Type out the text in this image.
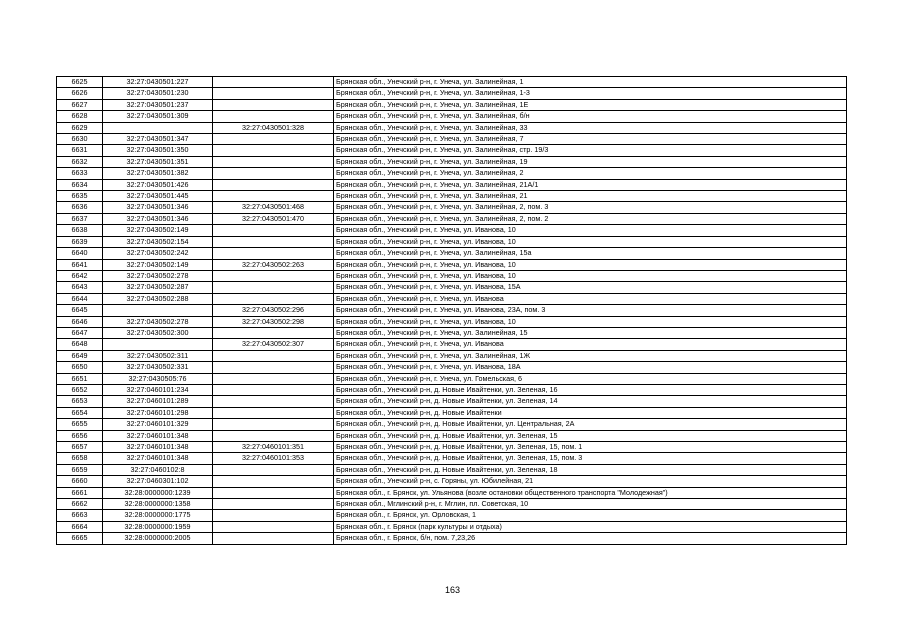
6625	32:27:0430501:227		Брянская обл., Унечский р-н, г. Унеча, ул. Залинейная, 1
6626	32:27:0430501:230		Брянская обл., Унечский р-н, г. Унеча, ул. Залинейная, 1-3
6627	32:27:0430501:237		Брянская обл., Унечский р-н, г. Унеча, ул. Залинейная, 1Е
6628	32:27:0430501:309		Брянская обл., Унечский р-н, г. Унеча, ул. Залинейная, б/н
6629		32:27:0430501:328	Брянская обл., Унечский р-н, г. Унеча, ул. Залинейная, 33
6630	32:27:0430501:347		Брянская обл., Унечский р-н, г. Унеча, ул. Залинейная, 7
6631	32:27:0430501:350		Брянская обл., Унечский р-н, г. Унеча, ул. Залинейная, стр. 19/3
6632	32:27:0430501:351		Брянская обл., Унечский р-н, г. Унеча, ул. Залинейная, 19
6633	32:27:0430501:382		Брянская обл., Унечский р-н, г. Унеча, ул. Залинейная, 2
6634	32:27:0430501:426		Брянская обл., Унечский р-н, г. Унеча, ул. Залинейная, 21А/1
6635	32:27:0430501:445		Брянская обл., Унечский р-н, г. Унеча, ул. Залинейная, 21
6636	32:27:0430501:346	32:27:0430501:468	Брянская обл., Унечский р-н, г. Унеча, ул. Залинейная, 2, пом. 3
6637	32:27:0430501:346	32:27:0430501:470	Брянская обл., Унечский р-н, г. Унеча, ул. Залинейная, 2, пом. 2
6638	32:27:0430502:149		Брянская обл., Унечский р-н, г. Унеча, ул. Иванова, 10
6639	32:27:0430502:154		Брянская обл., Унечский р-н, г. Унеча, ул. Иванова, 10
6640	32:27:0430502:242		Брянская обл., Унечский р-н, г. Унеча, ул. Залинейная, 15а
6641	32:27:0430502:149	32:27:0430502:263	Брянская обл., Унечский р-н, г. Унеча, ул. Иванова, 10
6642	32:27:0430502:278		Брянская обл., Унечский р-н, г. Унеча, ул. Иванова, 10
6643	32:27:0430502:287		Брянская обл., Унечский р-н, г. Унеча, ул. Иванова, 15А
6644	32:27:0430502:288		Брянская обл., Унечский р-н, г. Унеча, ул. Иванова
6645		32:27:0430502:296	Брянская обл., Унечский р-н, г. Унеча, ул. Иванова, 23А, пом. 3
6646	32:27:0430502:278	32:27:0430502:298	Брянская обл., Унечский р-н, г. Унеча, ул. Иванова, 10
6647	32:27:0430502:300		Брянская обл., Унечский р-н, г. Унеча, ул. Залинейная, 15
6648		32:27:0430502:307	Брянская обл., Унечский р-н, г. Унеча, ул. Иванова
6649	32:27:0430502:311		Брянская обл., Унечский р-н, г. Унеча, ул. Залинейная, 1Ж
6650	32:27:0430502:331		Брянская обл., Унечский р-н, г. Унеча, ул. Иванова, 18А
6651	32:27:0430505:76		Брянская обл., Унечский р-н, г. Унеча, ул. Гомельская, 6
6652	32:27:0460101:234		Брянская обл., Унечский р-н, д. Новые Ивайтенки, ул. Зеленая, 16
6653	32:27:0460101:289		Брянская обл., Унечский р-н, д. Новые Ивайтенки, ул. Зеленая, 14
6654	32:27:0460101:298		Брянская обл., Унечский р-н, д. Новые Ивайтенки
6655	32:27:0460101:329		Брянская обл., Унечский р-н, д. Новые Ивайтенки, ул. Центральная, 2А
6656	32:27:0460101:348		Брянская обл., Унечский р-н, д. Новые Ивайтенки, ул. Зеленая, 15
6657	32:27:0460101:348	32:27:0460101:351	Брянская обл., Унечский р-н, д. Новые Ивайтенки, ул. Зеленая, 15, пом. 1
6658	32:27:0460101:348	32:27:0460101:353	Брянская обл., Унечский р-н, д. Новые Ивайтенки, ул. Зеленая, 15, пом. 3
6659	32:27:0460102:8		Брянская обл., Унечский р-н, д. Новые Ивайтенки, ул. Зеленая, 18
6660	32:27:0460301:102		Брянская обл., Унечский р-н, с. Горяны, ул. Юбилейная, 21
6661	32:28:0000000:1239		Брянская обл., г. Брянск, ул. Ульянова (возле остановки общественного транспорта "Молодежная")
6662	32:28:0000000:1358		Брянская обл., Мглинский р-н, г. Мглин, пл. Советская, 10
6663	32:28:0000000:1775		Брянская обл., г. Брянск, ул. Орловская, 1
6664	32:28:0000000:1959		Брянская обл., г. Брянск (парк культуры и отдыха)
6665	32:28:0000000:2005		Брянская обл., г. Брянск, б/н, пом. 7,23,26
163
